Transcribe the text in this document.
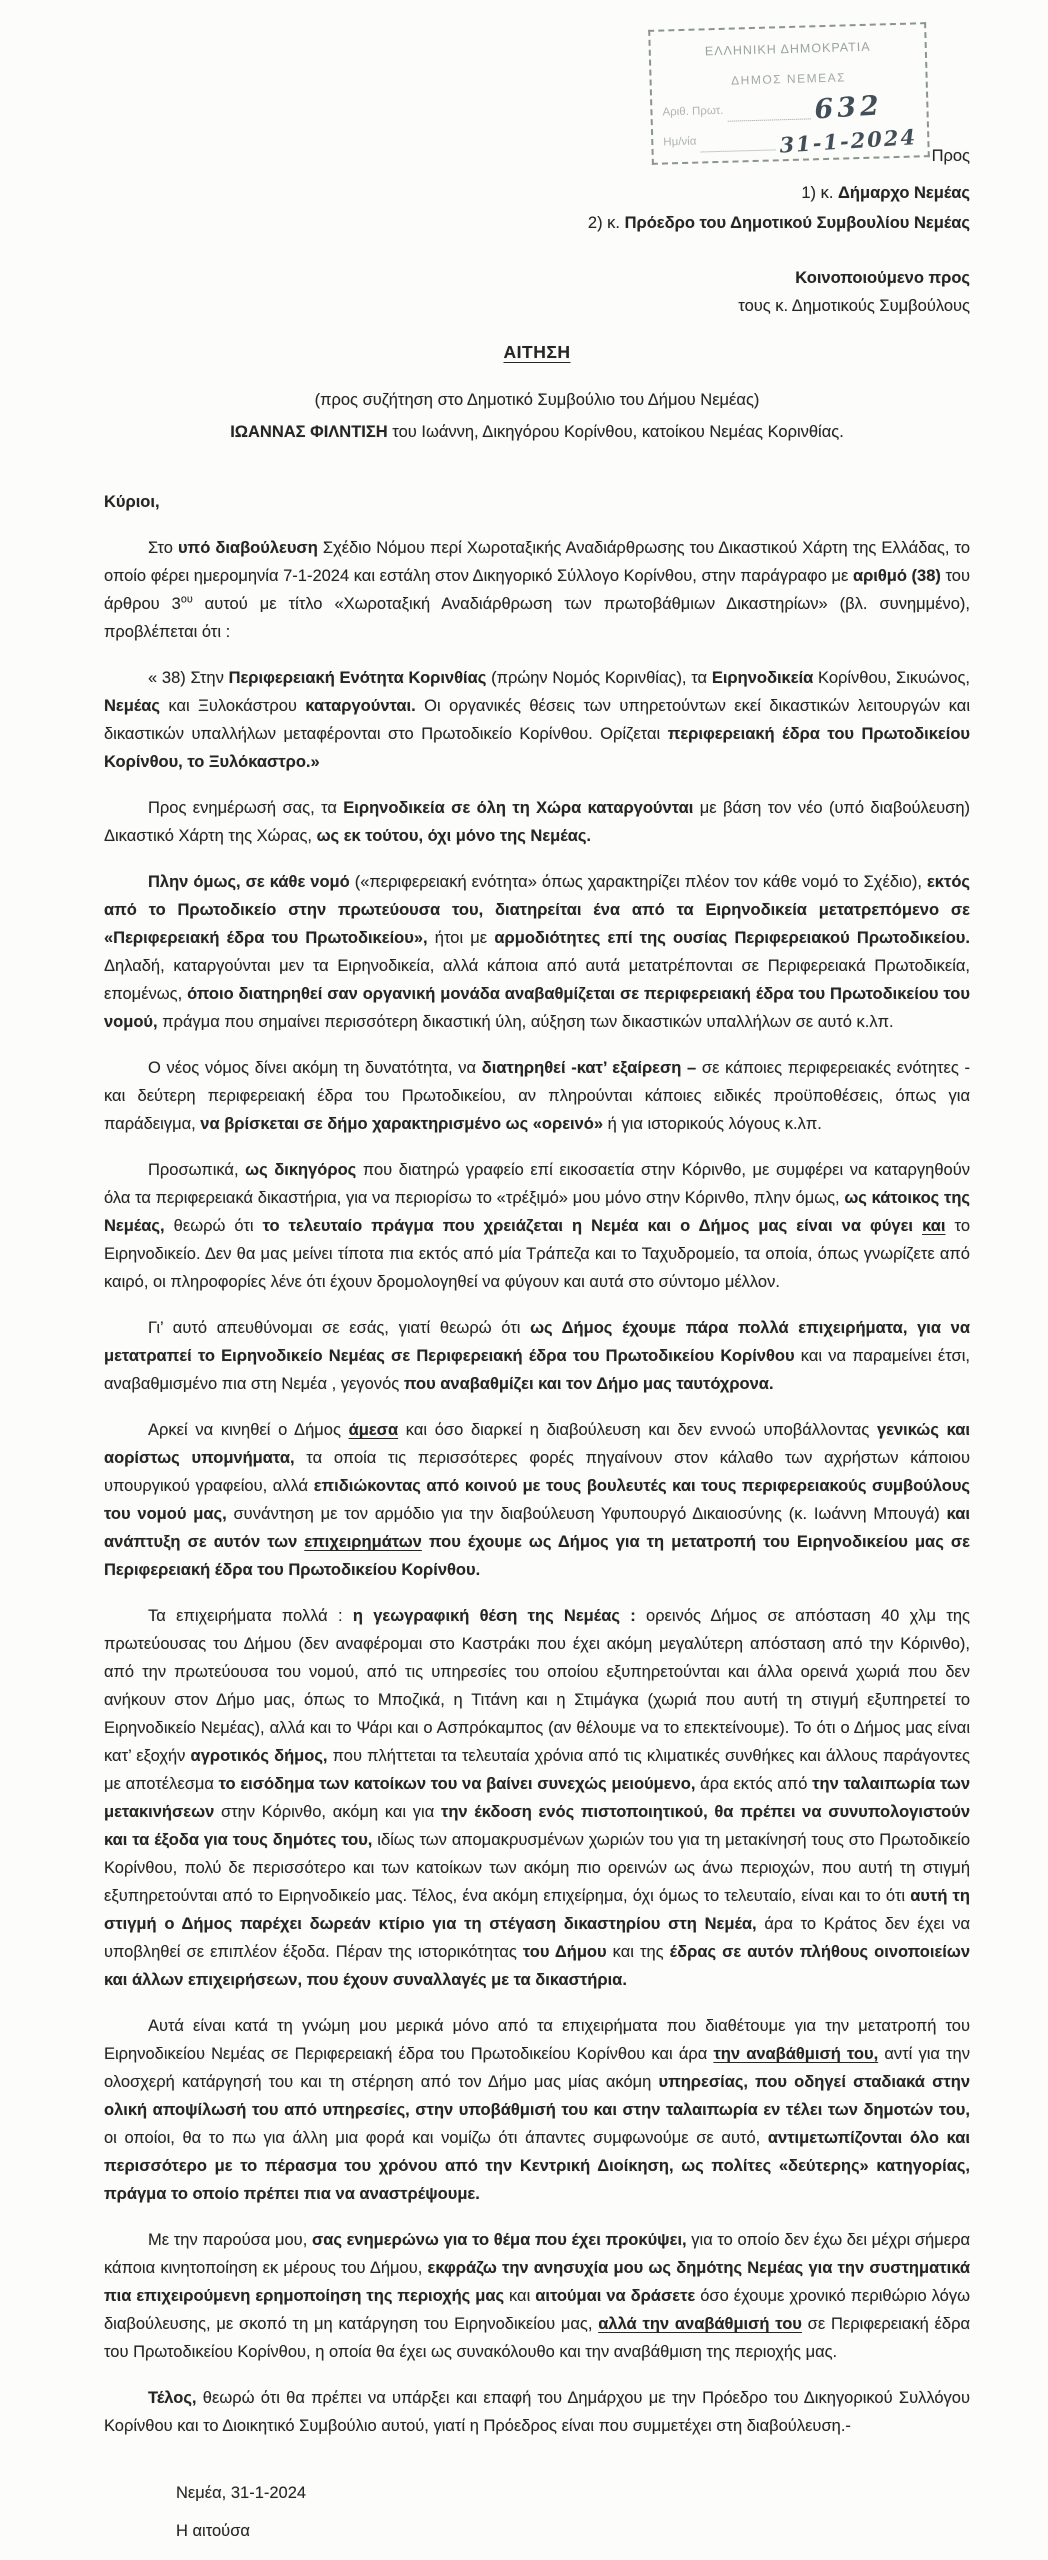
ΕΛΛΗΝΙΚΗ ΔΗΜΟΚΡΑΤΙΑ
ΔΗΜΟΣ ΝΕΜΕΑΣ
Αριθ. Πρωτ.	632
Ημ/νία	31-1-2024 Προς
1) κ. Δήμαρχο Νεμέας
2) κ. Πρόεδρο του Δημοτικού Συμβουλίου Νεμέας
Κοινοποιούμενο προς
τους κ. Δημοτικούς Συμβούλους
ΑΙΤΗΣΗ
(προς συζήτηση στο Δημοτικό Συμβούλιο του Δήμου Νεμέας)
ΙΩΑΝΝΑΣ ΦΙΛΝΤΙΣΗ του Ιωάννη, Δικηγόρου Κορίνθου, κατοίκου Νεμέας Κορινθίας.
Κύριοι,

Στο υπό διαβούλευση Σχέδιο Νόμου περί Χωροταξικής Αναδιάρθρωσης του Δικαστικού Χάρτη της Ελλάδας, το οποίο φέρει ημερομηνία 7-1-2024 και εστάλη στον Δικηγορικό Σύλλογο Κορίνθου, στην παράγραφο με αριθμό (38) του άρθρου $3^{o\upsilon}$ αυτού με τίτλο «Χωροταξική Αναδιάρθρωση των πρωτοβάθμιων Δικαστηρίων» (βλ. συνημμένο), προβλέπεται ότι :

« 38) Στην Περιφερειακή Ενότητα Κορινθίας (πρώην Νομός Κορινθίας), τα Ειρηνοδικεία Κορίνθου, Σικυώνος, Νεμέας και Ξυλοκάστρου καταργούνται. Οι οργανικές θέσεις των υπηρετούντων εκεί δικαστικών λειτουργών και δικαστικών υπαλλήλων μεταφέρονται στο Πρωτοδικείο Κορίνθου. Ορίζεται περιφερειακή έδρα του Πρωτοδικείου Κορίνθου, το Ξυλόκαστρο.»

Προς ενημέρωσή σας, τα Ειρηνοδικεία σε όλη τη Χώρα καταργούνται με βάση τον νέο (υπό διαβούλευση) Δικαστικό Χάρτη της Χώρας, ως εκ τούτου, όχι μόνο της Νεμέας.

Πλην όμως, σε κάθε νομό («περιφερειακή ενότητα» όπως χαρακτηρίζει πλέον τον κάθε νομό το Σχέδιο), εκτός από το Πρωτοδικείο στην πρωτεύουσα του, διατηρείται ένα από τα Ειρηνοδικεία μετατρεπόμενο σε «Περιφερειακή έδρα του Πρωτοδικείου», ήτοι με αρμοδιότητες επί της ουσίας Περιφερειακού Πρωτοδικείου. Δηλαδή, καταργούνται μεν τα Ειρηνοδικεία, αλλά κάποια από αυτά μετατρέπονται σε Περιφερειακά Πρωτοδικεία, επομένως, όποιο διατηρηθεί σαν οργανική μονάδα αναβαθμίζεται σε περιφερειακή έδρα του Πρωτοδικείου του νομού, πράγμα που σημαίνει περισσότερη δικαστική ύλη, αύξηση των δικαστικών υπαλλήλων σε αυτό κ.λπ.

Ο νέος νόμος δίνει ακόμη τη δυνατότητα, να διατηρηθεί -κατ’ εξαίρεση – σε κάποιες περιφερειακές ενότητες - και δεύτερη περιφερειακή έδρα του Πρωτοδικείου, αν πληρούνται κάποιες ειδικές προϋποθέσεις, όπως για παράδειγμα, να βρίσκεται σε δήμο χαρακτηρισμένο ως «ορεινό» ή για ιστορικούς λόγους κ.λπ.

Προσωπικά, ως δικηγόρος που διατηρώ γραφείο επί εικοσαετία στην Κόρινθο, με συμφέρει να καταργηθούν όλα τα περιφερειακά δικαστήρια, για να περιορίσω το «τρέξιμό» μου μόνο στην Κόρινθο, πλην όμως, ως κάτοικος της Νεμέας, θεωρώ ότι το τελευταίο πράγμα που χρειάζεται η Νεμέα και ο Δήμος μας είναι να φύγει και το Ειρηνοδικείο. Δεν θα μας μείνει τίποτα πια εκτός από μία Τράπεζα και το Ταχυδρομείο, τα οποία, όπως γνωρίζετε από καιρό, οι πληροφορίες λένε ότι έχουν δρομολογηθεί να φύγουν και αυτά στο σύντομο μέλλον.

Γι’ αυτό απευθύνομαι σε εσάς, γιατί θεωρώ ότι ως Δήμος έχουμε πάρα πολλά επιχειρήματα, για να μετατραπεί το Ειρηνοδικείο Νεμέας σε Περιφερειακή έδρα του Πρωτοδικείου Κορίνθου και να παραμείνει έτσι, αναβαθμισμένο πια στη Νεμέα , γεγονός που αναβαθμίζει και τον Δήμο μας ταυτόχρονα.

Αρκεί να κινηθεί ο Δήμος άμεσα και όσο διαρκεί η διαβούλευση και δεν εννοώ υποβάλλοντας γενικώς και αορίστως υπομνήματα, τα οποία τις περισσότερες φορές πηγαίνουν στον κάλαθο των αχρήστων κάποιου υπουργικού γραφείου, αλλά επιδιώκοντας από κοινού με τους βουλευτές και τους περιφερειακούς συμβούλους του νομού μας, συνάντηση με τον αρμόδιο για την διαβούλευση Υφυπουργό Δικαιοσύνης (κ. Ιωάννη Μπουγά) και ανάπτυξη σε αυτόν των επιχειρημάτων που έχουμε ως Δήμος για τη μετατροπή του Ειρηνοδικείου μας σε Περιφερειακή έδρα του Πρωτοδικείου Κορίνθου.

Τα επιχειρήματα πολλά : η γεωγραφική θέση της Νεμέας : ορεινός Δήμος σε απόσταση 40 χλμ της πρωτεύουσας του Δήμου (δεν αναφέρομαι στο Καστράκι που έχει ακόμη μεγαλύτερη απόσταση από την Κόρινθο), από την πρωτεύουσα του νομού, από τις υπηρεσίες του οποίου εξυπηρετούνται και άλλα ορεινά χωριά που δεν ανήκουν στον Δήμο μας, όπως το Μποζικά, η Τιτάνη και η Στιμάγκα (χωριά που αυτή τη στιγμή εξυπηρετεί το Ειρηνοδικείο Νεμέας), αλλά και το Ψάρι και ο Ασπρόκαμπος (αν θέλουμε να το επεκτείνουμε). Το ότι ο Δήμος μας είναι κατ’ εξοχήν αγροτικός δήμος, που πλήττεται τα τελευταία χρόνια από τις κλιματικές συνθήκες και άλλους παράγοντες με αποτέλεσμα το εισόδημα των κατοίκων του να βαίνει συνεχώς μειούμενο, άρα εκτός από την ταλαιπωρία των μετακινήσεων στην Κόρινθο, ακόμη και για την έκδοση ενός πιστοποιητικού, θα πρέπει να συνυπολογιστούν και τα έξοδα για τους δημότες του, ιδίως των απομακρυσμένων χωριών του για τη μετακίνησή τους στο Πρωτοδικείο Κορίνθου, πολύ δε περισσότερο και των κατοίκων των ακόμη πιο ορεινών ως άνω περιοχών, που αυτή τη στιγμή εξυπηρετούνται από το Ειρηνοδικείο μας. Τέλος, ένα ακόμη επιχείρημα, όχι όμως το τελευταίο, είναι και το ότι αυτή τη στιγμή ο Δήμος παρέχει δωρεάν κτίριο για τη στέγαση δικαστηρίου στη Νεμέα, άρα το Κράτος δεν έχει να υποβληθεί σε επιπλέον έξοδα. Πέραν της ιστορικότητας του Δήμου και της έδρας σε αυτόν πλήθους οινοποιείων και άλλων επιχειρήσεων, που έχουν συναλλαγές με τα δικαστήρια.

Αυτά είναι κατά τη γνώμη μου μερικά μόνο από τα επιχειρήματα που διαθέτουμε για την μετατροπή του Ειρηνοδικείου Νεμέας σε Περιφερειακή έδρα του Πρωτοδικείου Κορίνθου και άρα την αναβάθμισή του, αντί για την ολοσχερή κατάργησή του και τη στέρηση από τον Δήμο μας μίας ακόμη υπηρεσίας, που οδηγεί σταδιακά στην ολική αποψίλωσή του από υπηρεσίες, στην υποβάθμισή του και στην ταλαιπωρία εν τέλει των δημοτών του, οι οποίοι, θα το πω για άλλη μια φορά και νομίζω ότι άπαντες συμφωνούμε σε αυτό, αντιμετωπίζονται όλο και περισσότερο με το πέρασμα του χρόνου από την Κεντρική Διοίκηση, ως πολίτες «δεύτερης» κατηγορίας, πράγμα το οποίο πρέπει πια να αναστρέψουμε.

Με την παρούσα μου, σας ενημερώνω για το θέμα που έχει προκύψει, για το οποίο δεν έχω δει μέχρι σήμερα κάποια κινητοποίηση εκ μέρους του Δήμου, εκφράζω την ανησυχία μου ως δημότης Νεμέας για την συστηματικά πια επιχειρούμενη ερημοποίηση της περιοχής μας και αιτούμαι να δράσετε όσο έχουμε χρονικό περιθώριο λόγω διαβούλευσης, με σκοπό τη μη κατάργηση του Ειρηνοδικείου μας, αλλά την αναβάθμισή του σε Περιφερειακή έδρα του Πρωτοδικείου Κορίνθου, η οποία θα έχει ως συνακόλουθο και την αναβάθμιση της περιοχής μας.

Τέλος, θεωρώ ότι θα πρέπει να υπάρξει και επαφή του Δημάρχου με την Πρόεδρο του Δικηγορικού Συλλόγου Κορίνθου και το Διοικητικό Συμβούλιο αυτού, γιατί η Πρόεδρος είναι που συμμετέχει στη διαβούλευση.-

Νεμέα, 31-1-2024
Η αιτούσα
